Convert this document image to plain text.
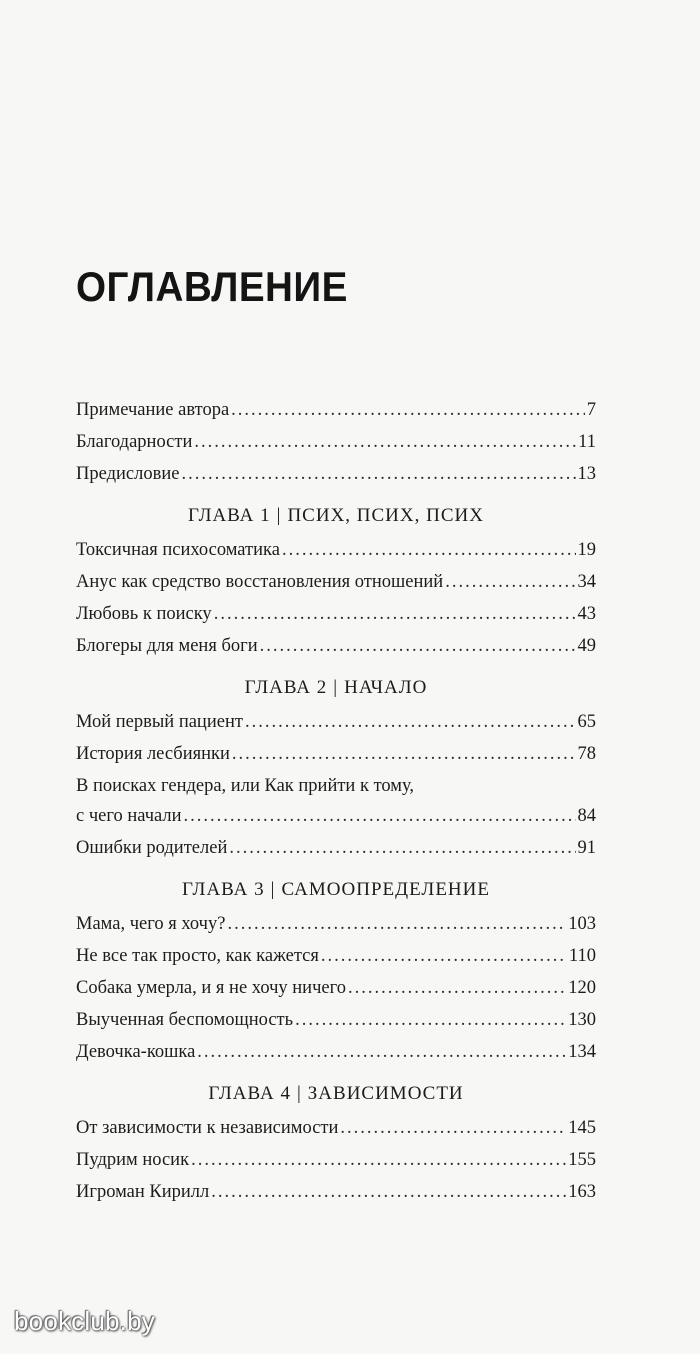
ОГЛАВЛЕНИЕ
Примечание автора .....	7
Благодарности .....	11
Предисловие .....	13
ГЛАВА 1 | ПСИХ, ПСИХ, ПСИХ
Токсичная психосоматика .....	19
Анус как средство восстановления отношений .....	34
Любовь к поиску .....	43
Блогеры для меня боги .....	49
ГЛАВА 2 | НАЧАЛО
Мой первый пациент .....	65
История лесбиянки .....	78
В поисках гендера, или Как прийти к тому,
с чего начали .....	84
Ошибки родителей .....	91
ГЛАВА 3 | САМООПРЕДЕЛЕНИЕ
Мама, чего я хочу? .....	103
Не все так просто, как кажется .....	110
Собака умерла, и я не хочу ничего .....	120
Выученная беспомощность .....	130
Девочка-кошка .....	134
ГЛАВА 4 | ЗАВИСИМОСТИ
От зависимости к независимости .....	145
Пудрим носик .....	155
Игроман Кирилл .....	163
bookclub.by
